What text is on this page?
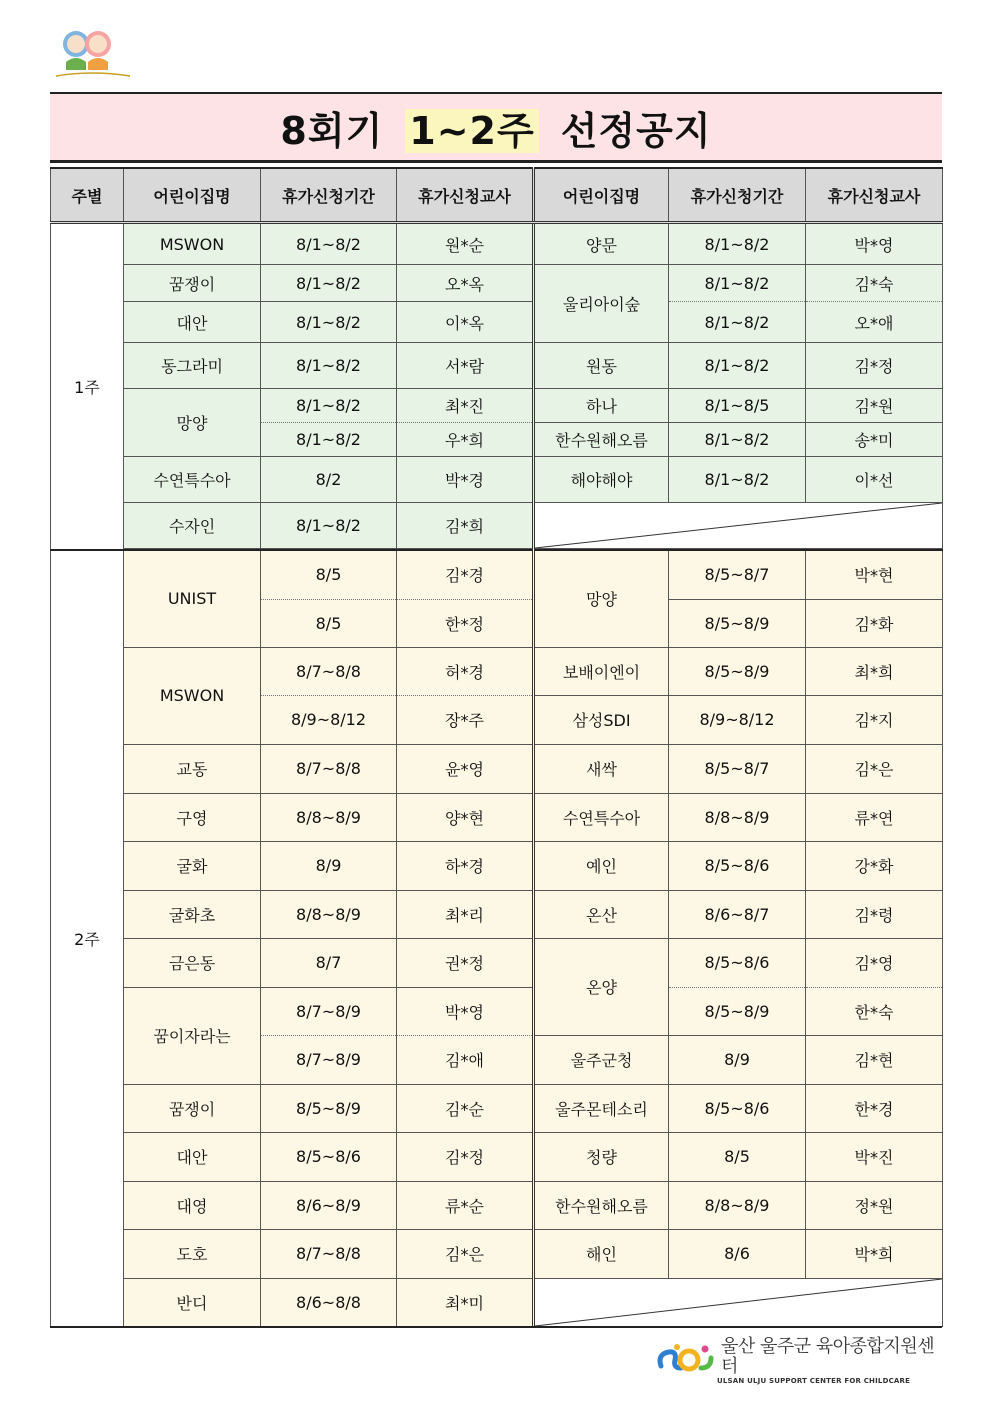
8회기 1~2주 선정공지
주별	어린이집명	휴가신청기간	휴가신청교사	어린이집명	휴가신청기간	휴가신청교사
1주	MSWON	8/1~8/2	원*순	양문	8/1~8/2	박*영
	꿈쟁이	8/1~8/2	오*옥	울리아이숲	8/1~8/2	김*숙
	대안	8/1~8/2	이*옥		8/1~8/2	오*애
	동그라미	8/1~8/2	서*람	원동	8/1~8/2	김*정
	망양	8/1~8/2	최*진	하나	8/1~8/5	김*원
		8/1~8/2	우*희	한수원해오름	8/1~8/2	송*미
	수연특수아	8/2	박*경	해야해야	8/1~8/2	이*선
	수자인	8/1~8/2	김*희	

2주	UNIST	8/5	김*경	망양	8/5~8/7	박*현
		8/5	한*정		8/5~8/9	김*화
	MSWON	8/7~8/8	허*경	보배이엔이	8/5~8/9	최*희
		8/9~8/12	장*주	삼성SDI	8/9~8/12	김*지
	교동	8/7~8/8	윤*영	새싹	8/5~8/7	김*은
	구영	8/8~8/9	양*현	수연특수아	8/8~8/9	류*연
	굴화	8/9	하*경	예인	8/5~8/6	강*화
	굴화초	8/8~8/9	최*리	온산	8/6~8/7	김*령
	금은동	8/7	권*정	온양	8/5~8/6	김*영
	꿈이자라는	8/7~8/9	박*영		8/5~8/9	한*숙
		8/7~8/9	김*애	울주군청	8/9	김*현
	꿈쟁이	8/5~8/9	김*순	울주몬테소리	8/5~8/6	한*경
	대안	8/5~8/6	김*정	청량	8/5	박*진
	대영	8/6~8/9	류*순	한수원해오름	8/8~8/9	정*원
	도호	8/7~8/8	김*은	해인	8/6	박*희
	반디	8/6~8/8	최*미	

울산 울주군 육아종합지원센터
ULSAN ULJU SUPPORT CENTER FOR CHILDCARE
